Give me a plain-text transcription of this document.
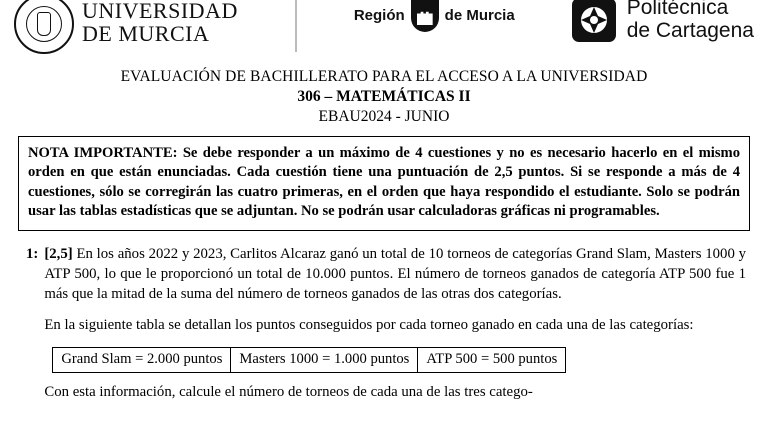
UNIVERSIDAD
DE MURCIA
Región	de Murcia	Politécnica
de Cartagena
EVALUACIÓN DE BACHILLERATO PARA EL ACCESO A LA UNIVERSIDAD
306 – MATEMÁTICAS II
EBAU2024 - JUNIO
NOTA IMPORTANTE: Se debe responder a un máximo de 4 cuestiones y no es necesario hacerlo en el mismo orden en que están enunciadas. Cada cuestión tiene una puntuación de 2,5 puntos. Si se responde a más de 4 cuestiones, sólo se corregirán las cuatro primeras, en el orden que haya respondido el estudiante. Solo se podrán usar las tablas estadísticas que se adjuntan. No se podrán usar calculadoras gráficas ni programables.
1: [2,5] En los años 2022 y 2023, Carlitos Alcaraz ganó un total de 10 torneos de categorías Grand Slam, Masters 1000 y ATP 500, lo que le proporcionó un total de 10.000 puntos. El número de torneos ganados de categoría ATP 500 fue 1 más que la mitad de la suma del número de torneos ganados de las otras dos categorías.

En la siguiente tabla se detallan los puntos conseguidos por cada torneo ganado en cada una de las categorías:

Grand Slam = 2.000 puntos	Masters 1000 = 1.000 puntos	ATP 500 = 500 puntos
Con esta información, calcule el número de torneos de cada una de las tres catego-
